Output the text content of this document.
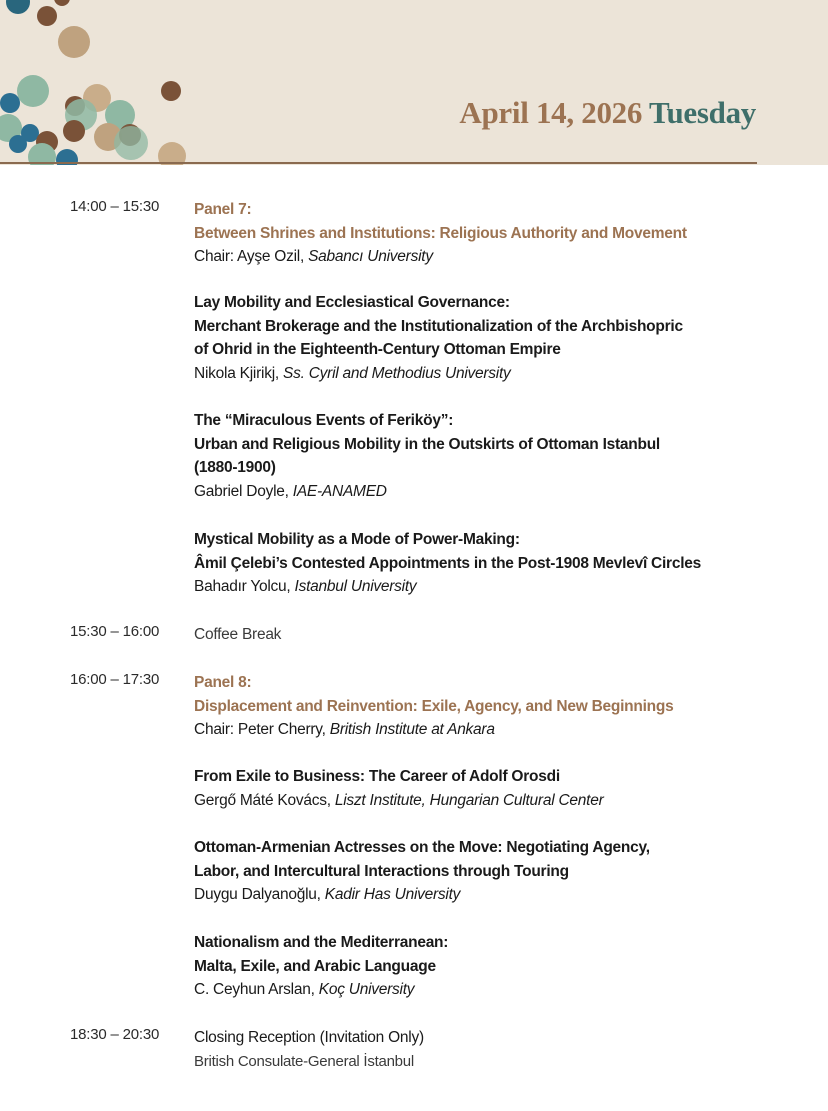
April 14, 2026 Tuesday
14:00 – 15:30 Panel 7:
Between Shrines and Institutions: Religious Authority and Movement
Chair: Ayşe Ozil, Sabancı University
Lay Mobility and Ecclesiastical Governance:
Merchant Brokerage and the Institutionalization of the Archbishopric
of Ohrid in the Eighteenth-Century Ottoman Empire
Nikola Kjirikj, Ss. Cyril and Methodius University
The “Miraculous Events of Feriköy”:
Urban and Religious Mobility in the Outskirts of Ottoman Istanbul
(1880-1900)
Gabriel Doyle, IAE-ANAMED
Mystical Mobility as a Mode of Power-Making:
Âmil Çelebi’s Contested Appointments in the Post-1908 Mevlevî Circles
Bahadır Yolcu, Istanbul University
15:30 – 16:00 Coffee Break
16:00 – 17:30 Panel 8:
Displacement and Reinvention: Exile, Agency, and New Beginnings
Chair: Peter Cherry, British Institute at Ankara
From Exile to Business: The Career of Adolf Orosdi
Gergő Máté Kovács, Liszt Institute, Hungarian Cultural Center
Ottoman-Armenian Actresses on the Move: Negotiating Agency,
Labor, and Intercultural Interactions through Touring
Duygu Dalyanoğlu, Kadir Has University
Nationalism and the Mediterranean:
Malta, Exile, and Arabic Language
C. Ceyhun Arslan, Koç University
18:30 – 20:30 Closing Reception (Invitation Only)
British Consulate-General İstanbul
